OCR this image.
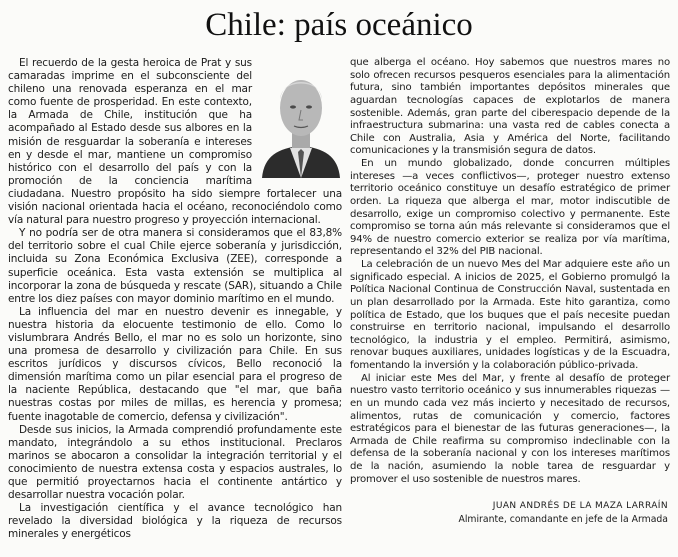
Chile: país oceánico

El recuerdo de la gesta heroica de Prat y sus camaradas imprime en el subconsciente del chileno una renovada esperanza en el mar como fuente de prosperidad. En este contexto, la Armada de Chile, institución que ha acompañado al Estado desde sus albores en la misión de resguardar la soberanía e intereses en y desde el mar, mantiene un compromiso histórico con el desarrollo del país y con la promoción de la conciencia marítima ciudadana. Nuestro propósito ha sido siempre fortalecer una visión nacional orientada hacia el océano, reconociéndolo como vía natural para nuestro progreso y proyección internacional.

Y no podría ser de otra manera si consideramos que el 83,8% del territorio sobre el cual Chile ejerce soberanía y jurisdicción, incluida su Zona Económica Exclusiva (ZEE), corresponde a superficie oceánica. Esta vasta extensión se multiplica al incorporar la zona de búsqueda y rescate (SAR), situando a Chile entre los diez países con mayor dominio marítimo en el mundo.

La influencia del mar en nuestro devenir es innegable, y nuestra historia da elocuente testimonio de ello. Como lo vislumbrara Andrés Bello, el mar no es solo un horizonte, sino una promesa de desarrollo y civilización para Chile. En sus escritos jurídicos y discursos cívicos, Bello reconoció la dimensión marítima como un pilar esencial para el progreso de la naciente República, destacando que "el mar, que baña nuestras costas por miles de millas, es herencia y promesa; fuente inagotable de comercio, defensa y civilización".

Desde sus inicios, la Armada comprendió profundamente este mandato, integrándolo a su ethos institucional. Preclaros marinos se abocaron a consolidar la integración territorial y el conocimiento de nuestra extensa costa y espacios australes, lo que permitió proyectarnos hacia el continente antártico y desarrollar nuestra vocación polar.

La investigación científica y el avance tecnológico han revelado la diversidad biológica y la riqueza de recursos minerales y energéticos

que alberga el océano. Hoy sabemos que nuestros mares no solo ofrecen recursos pesqueros esenciales para la alimentación futura, sino también importantes depósitos minerales que aguardan tecnologías capaces de explotarlos de manera sostenible. Además, gran parte del ciberespacio depende de la infraestructura submarina: una vasta red de cables conecta a Chile con Australia, Asia y América del Norte, facilitando comunicaciones y la transmisión segura de datos.

En un mundo globalizado, donde concurren múltiples intereses —a veces conflictivos—, proteger nuestro extenso territorio oceánico constituye un desafío estratégico de primer orden. La riqueza que alberga el mar, motor indiscutible de desarrollo, exige un compromiso colectivo y permanente. Este compromiso se torna aún más relevante si consideramos que el 94% de nuestro comercio exterior se realiza por vía marítima, representando el 32% del PIB nacional.

La celebración de un nuevo Mes del Mar adquiere este año un significado especial. A inicios de 2025, el Gobierno promulgó la Política Nacional Continua de Construcción Naval, sustentada en un plan desarrollado por la Armada. Este hito garantiza, como política de Estado, que los buques que el país necesite puedan construirse en territorio nacional, impulsando el desarrollo tecnológico, la industria y el empleo. Permitirá, asimismo, renovar buques auxiliares, unidades logísticas y de la Escuadra, fomentando la inversión y la colaboración público-privada.

Al iniciar este Mes del Mar, y frente al desafío de proteger nuestro vasto territorio oceánico y sus innumerables riquezas —en un mundo cada vez más incierto y necesitado de recursos, alimentos, rutas de comunicación y comercio, factores estratégicos para el bienestar de las futuras generaciones—, la Armada de Chile reafirma su compromiso indeclinable con la defensa de la soberanía nacional y con los intereses marítimos de la nación, asumiendo la noble tarea de resguardar y promover el uso sostenible de nuestros mares.

JUAN ANDRÉS DE LA MAZA LARRAÍN
Almirante, comandante en jefe de la Armada
